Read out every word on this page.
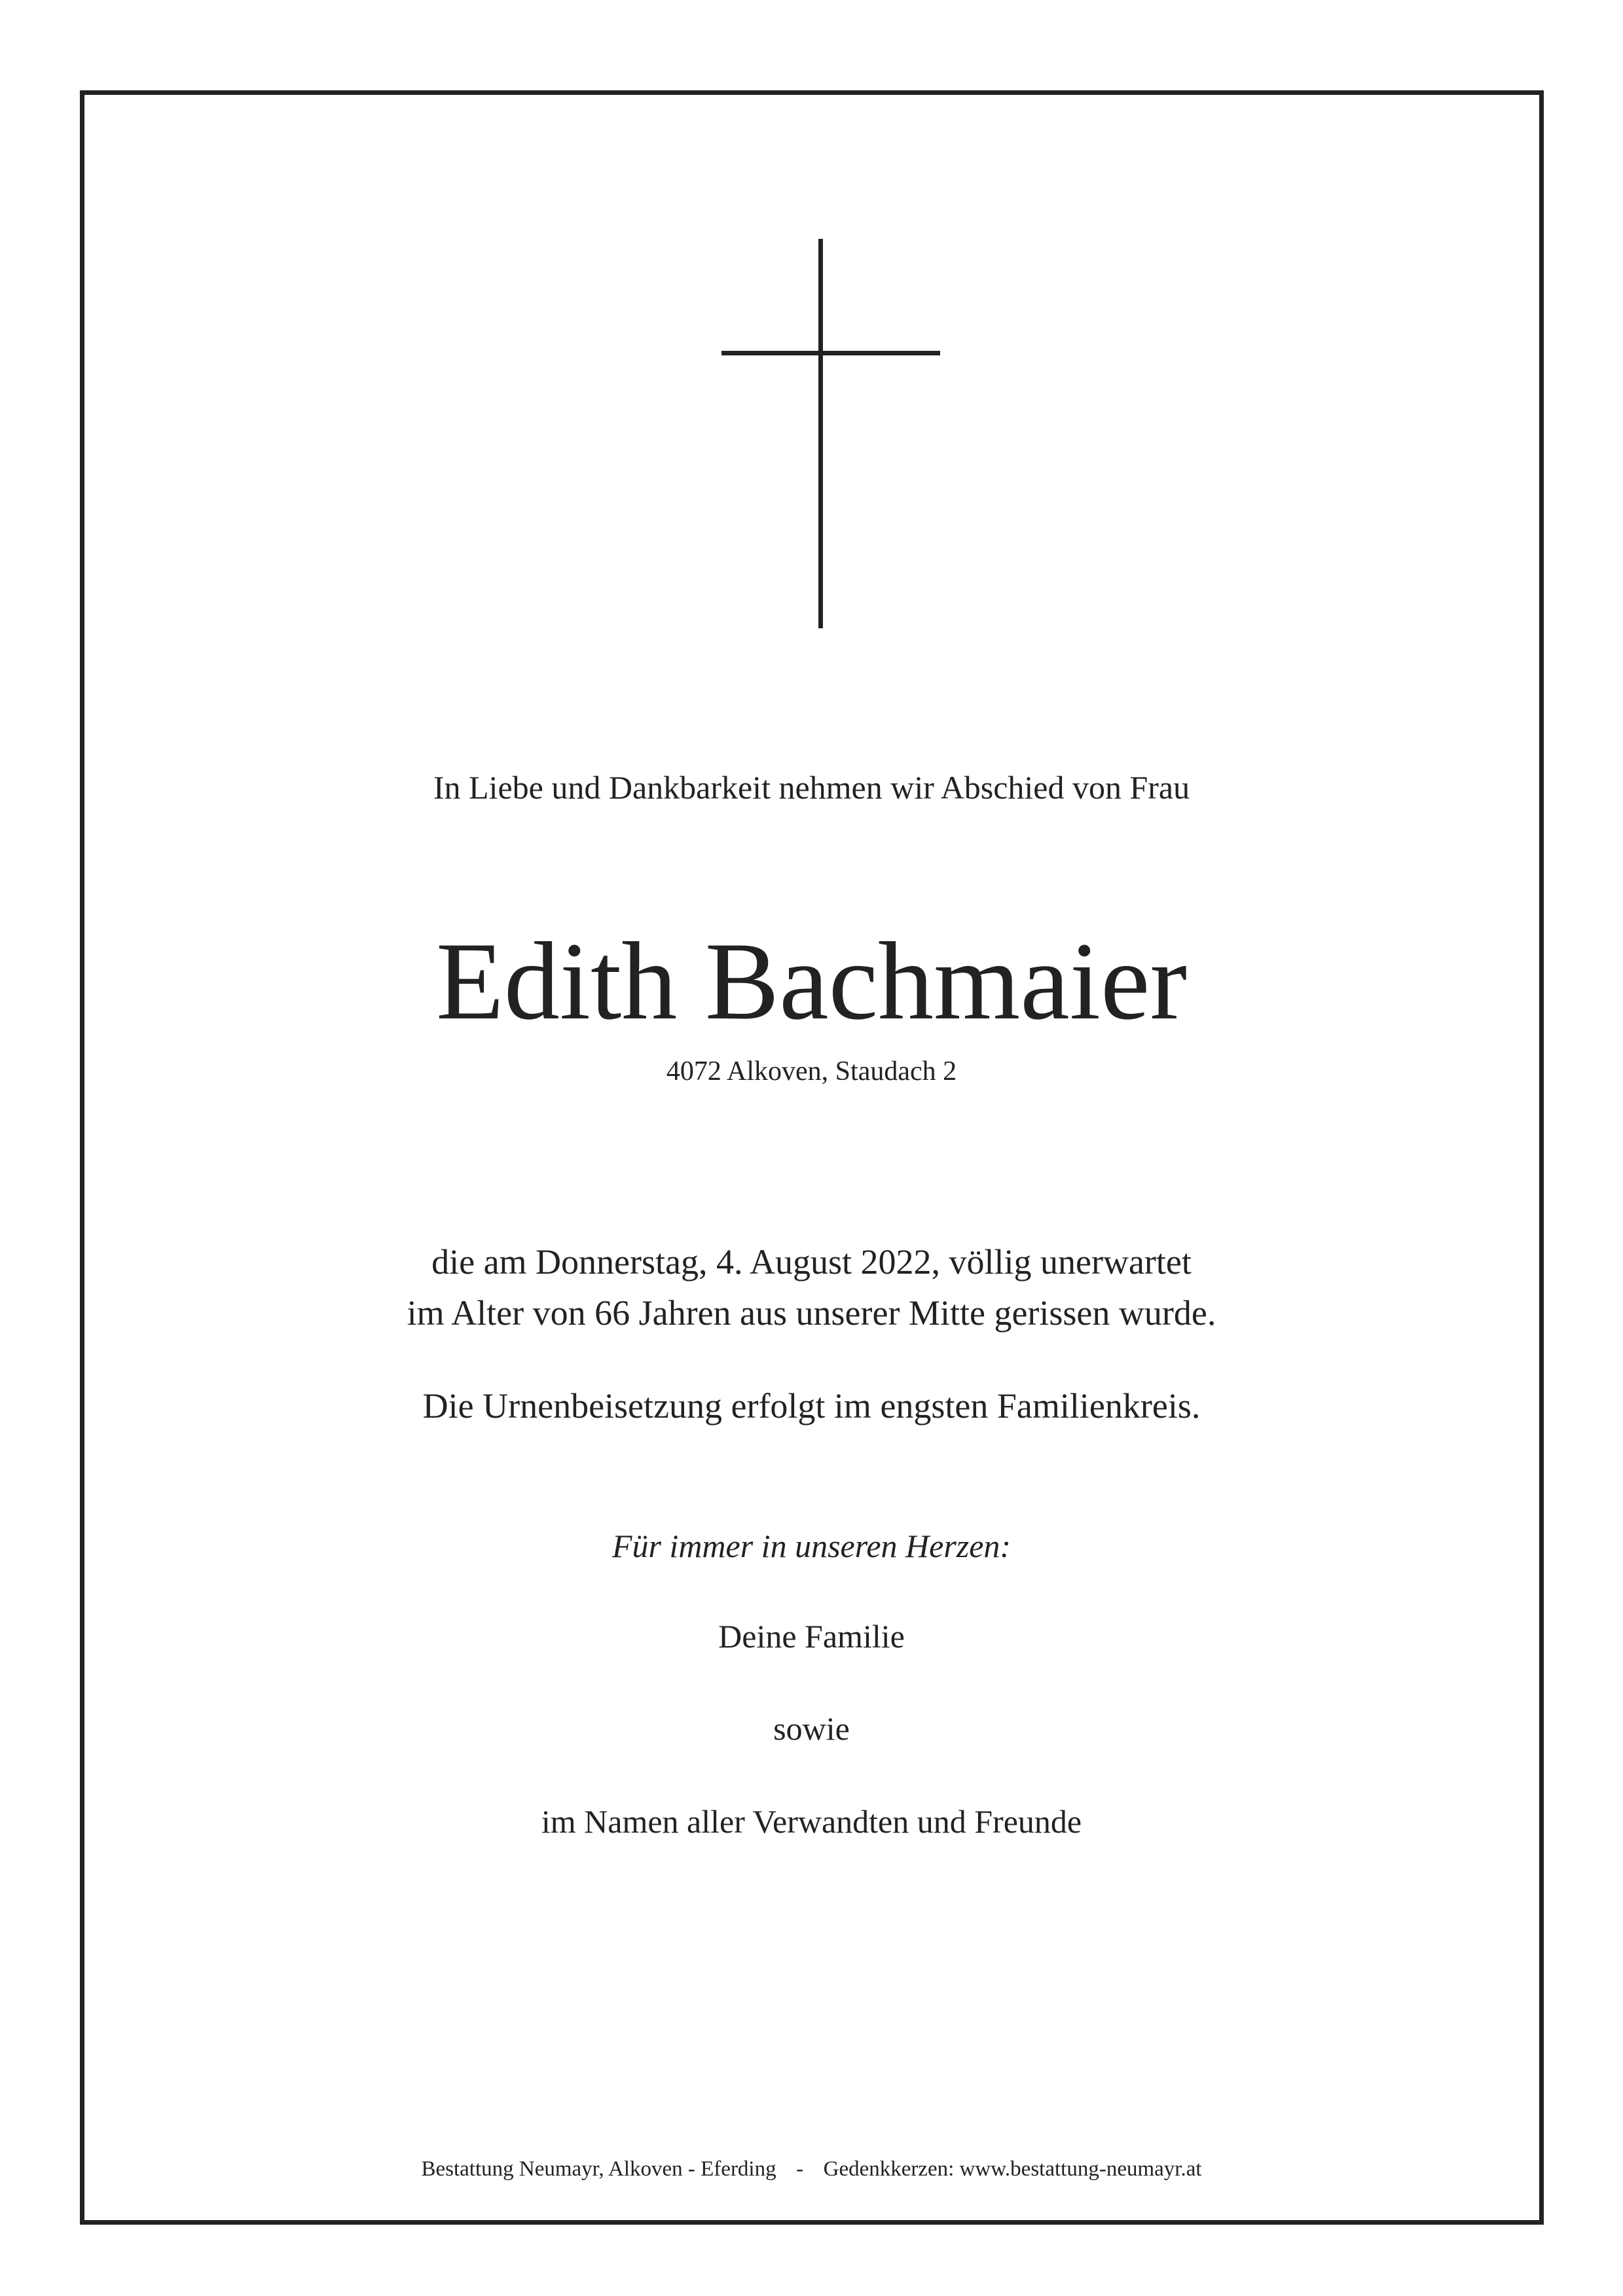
In Liebe und Dankbarkeit nehmen wir Abschied von Frau
Edith Bachmaier
4072 Alkoven, Staudach 2
die am Donnerstag, 4. August 2022, völlig unerwartet
im Alter von 66 Jahren aus unserer Mitte gerissen wurde.
Die Urnenbeisetzung erfolgt im engsten Familienkreis.
Für immer in unseren Herzen:
Deine Familie
sowie
im Namen aller Verwandten und Freunde
Bestattung Neumayr, Alkoven - Eferding - Gedenkkerzen: www.bestattung-neumayr.at
